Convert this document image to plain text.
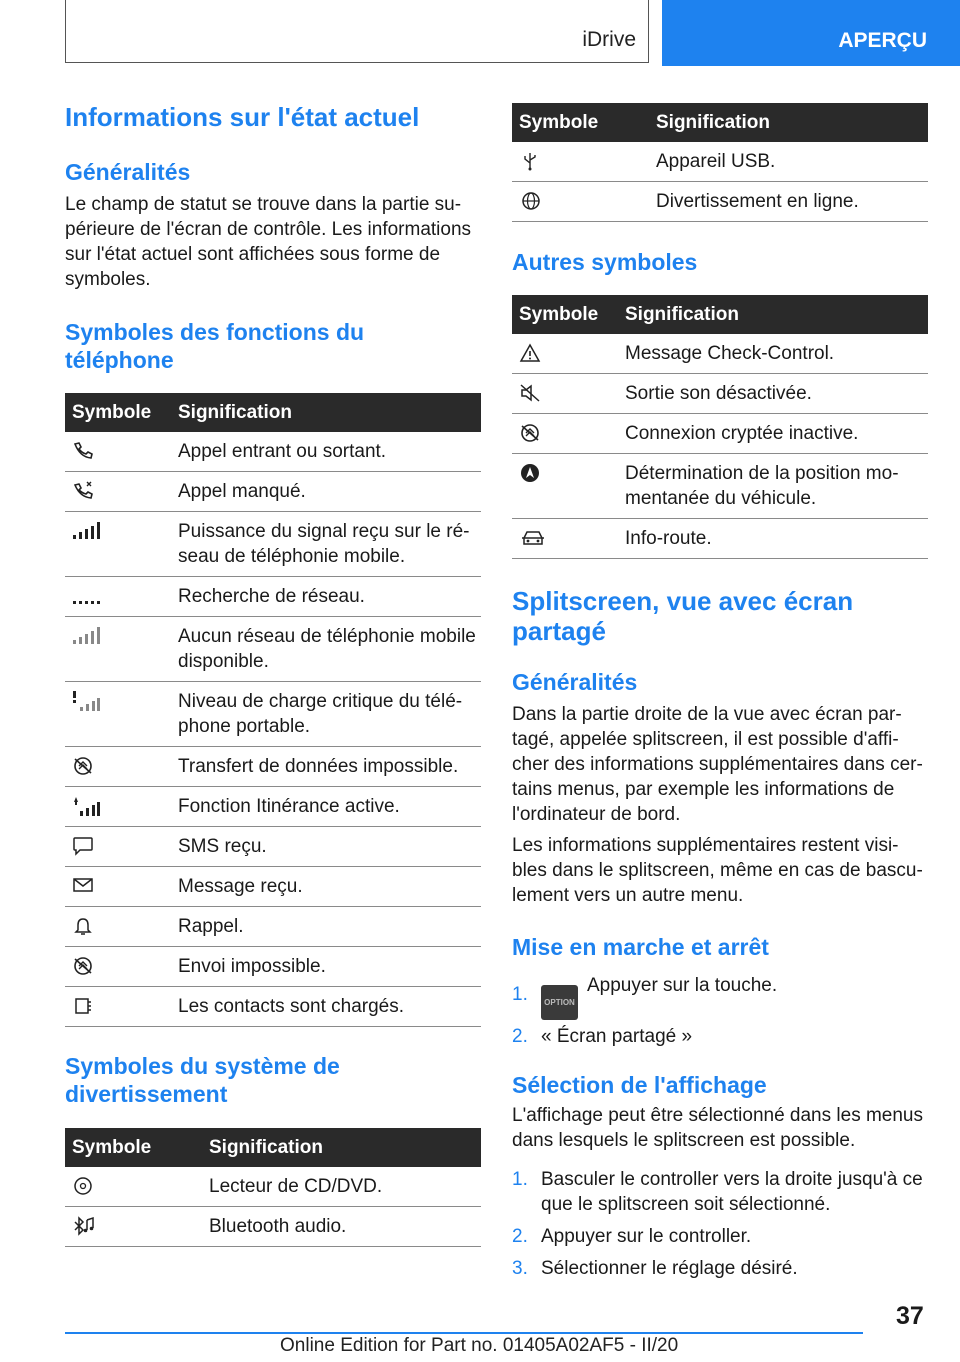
iDrive	APERÇU
Informations sur l'état actuel
Généralités

Le champ de statut se trouve dans la partie su-
périeure de l'écran de contrôle. Les informations
sur l'état actuel sont affichées sous forme de
symboles.

Symboles des fonctions du
téléphone
Symbole	Signification

	Appel entrant ou sortant.

	Appel manqué.

	Puissance du signal reçu sur le ré-
seau de téléphonie mobile.

	Recherche de réseau.

	Aucun réseau de téléphonie mobile
disponible.

	Niveau de charge critique du télé-
phone portable.

	Transfert de données impossible.

	Fonction Itinérance active.

	SMS reçu.

	Message reçu.

	Rappel.

	Envoi impossible.

	Les contacts sont chargés.
Symboles du système de
divertissement
Symbole	Signification

	Lecteur de CD/DVD.

	Bluetooth audio.
Symbole	Signification

	Appareil USB.

	Divertissement en ligne.
Autres symboles
Symbole	Signification

	Message Check-Control.

	Sortie son désactivée.

	Connexion cryptée inactive.

	Détermination de la position mo-
mentanée du véhicule.

	Info-route.
Splitscreen, vue avec écran
partagé
Généralités

Dans la partie droite de la vue avec écran par-
tagé, appelée splitscreen, il est possible d'affi-
cher des informations supplémentaires dans cer-
tains menus, par exemple les informations de
l'ordinateur de bord.

Les informations supplémentaires restent visi-
bles dans le splitscreen, même en cas de bascu-
lement vers un autre menu.

Mise en marche et arrêt
1. OPTIONAppuyer sur la touche.
2. « Écran partagé »
Sélection de l'affichage

L'affichage peut être sélectionné dans les menus
dans lesquels le splitscreen est possible.

1. Basculer le controller vers la droite jusqu'à ce
que le splitscreen soit sélectionné.
2. Appuyer sur le controller.
3. Sélectionner le réglage désiré.
37
Online Edition for Part no. 01405A02AF5 - II/20
